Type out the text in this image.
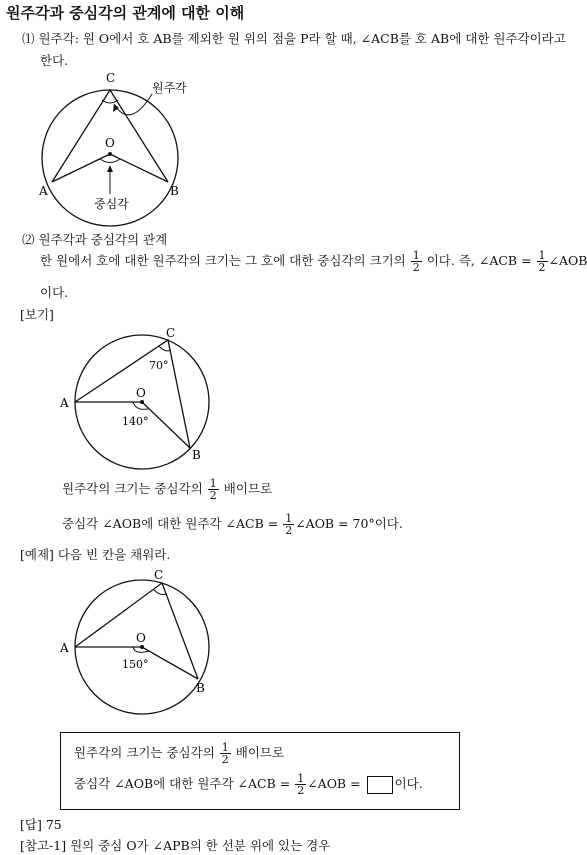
원주각과 중심각의 관계에 대한 이해
⑴ 원주각: 원 O에서 호 AB를 제외한 원 위의 점을 P라 할 때, ∠ACB를 호 AB에 대한 원주각이라고
한다.
C
O
A	B
원주각
중심각
⑵ 원주각과 중심각의 관계
한 원에서 호에 대한 원주각의 크기는 그 호에 대한 중심각의 크기의 $\frac{1}{2}$ 이다. 즉, ∠ACB = $\frac{1}{2}$ ∠AOB
이다.
[보기]
C
O
A
B
70°
140°
원주각의 크기는 중심각의 $\frac{1}{2}$ 배이므로
중심각 ∠AOB에 대한 원주각 ∠ACB = $\frac{1}{2}$ ∠AOB = 70°이다.
[예제] 다음 빈 칸을 채워라.
C
O
A
B
150°
원주각의 크기는 중심각의 $\frac{1}{2}$ 배이므로
중심각 ∠AOB에 대한 원주각 ∠ACB = $\frac{1}{2}$ ∠AOB =	이다.
[답] 75
[참고-1] 원의 중심 O가 ∠APB의 한 선분 위에 있는 경우
